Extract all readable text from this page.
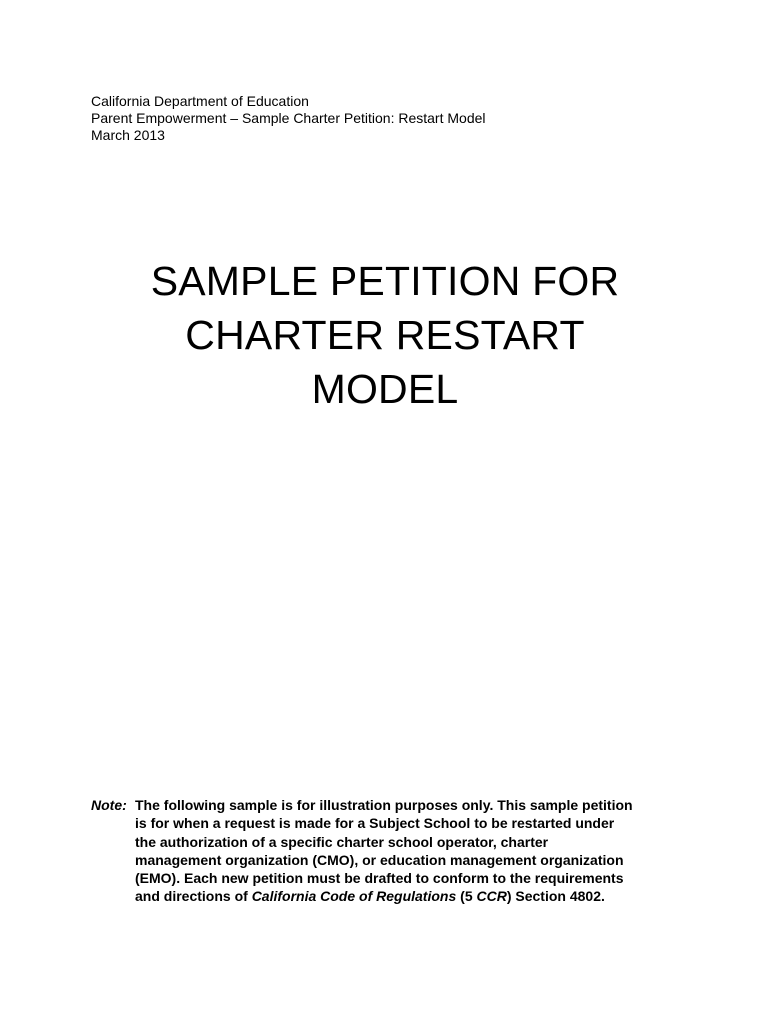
California Department of Education
Parent Empowerment – Sample Charter Petition: Restart Model
March 2013
SAMPLE PETITION FOR
CHARTER RESTART
MODEL
Note: The following sample is for illustration purposes only. This sample petition
is for when a request is made for a Subject School to be restarted under
the authorization of a specific charter school operator, charter
management organization (CMO), or education management organization
(EMO). Each new petition must be drafted to conform to the requirements
and directions of California Code of Regulations (5 CCR) Section 4802.
